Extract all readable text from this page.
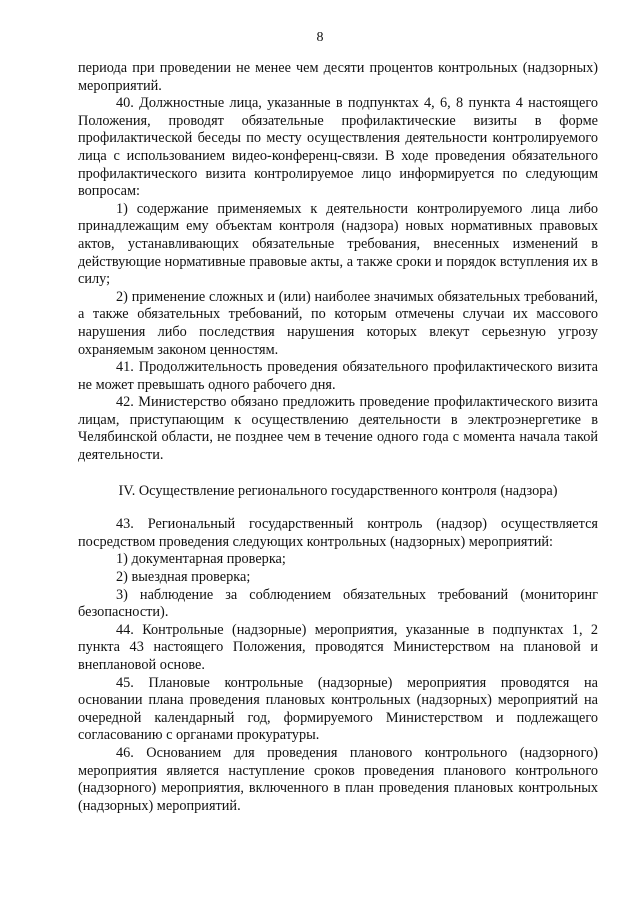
8

периода при проведении не менее чем десяти процентов контрольных (надзорных) мероприятий.

40. Должностные лица, указанные в подпунктах 4, 6, 8 пункта 4 настоящего Положения, проводят обязательные профилактические визиты в форме профилактической беседы по месту осуществления деятельности контролируемого лица с использованием видео-конференц-связи. В ходе проведения обязательного профилактического визита контролируемое лицо информируется по следующим вопросам:

1) содержание применяемых к деятельности контролируемого лица либо принадлежащим ему объектам контроля (надзора) новых нормативных правовых актов, устанавливающих обязательные требования, внесенных изменений в действующие нормативные правовые акты, а также сроки и порядок вступления их в силу;

2) применение сложных и (или) наиболее значимых обязательных требований, а также обязательных требований, по которым отмечены случаи их массового нарушения либо последствия нарушения которых влекут серьезную угрозу охраняемым законом ценностям.

41. Продолжительность проведения обязательного профилактического визита не может превышать одного рабочего дня.

42. Министерство обязано предложить проведение профилактического визита лицам, приступающим к осуществлению деятельности в электроэнергетике в Челябинской области, не позднее чем в течение одного года с момента начала такой деятельности.

IV. Осуществление регионального государственного контроля (надзора)

43. Региональный государственный контроль (надзор) осуществляется посредством проведения следующих контрольных (надзорных) мероприятий:

1) документарная проверка;

2) выездная проверка;

3) наблюдение за соблюдением обязательных требований (мониторинг безопасности).

44. Контрольные (надзорные) мероприятия, указанные в подпунктах 1, 2 пункта 43 настоящего Положения, проводятся Министерством на плановой и внеплановой основе.

45. Плановые контрольные (надзорные) мероприятия проводятся на основании плана проведения плановых контрольных (надзорных) мероприятий на очередной календарный год, формируемого Министерством и подлежащего согласованию с органами прокуратуры.

46. Основанием для проведения планового контрольного (надзорного) мероприятия является наступление сроков проведения планового контрольного (надзорного) мероприятия, включенного в план проведения плановых контрольных (надзорных) мероприятий.
